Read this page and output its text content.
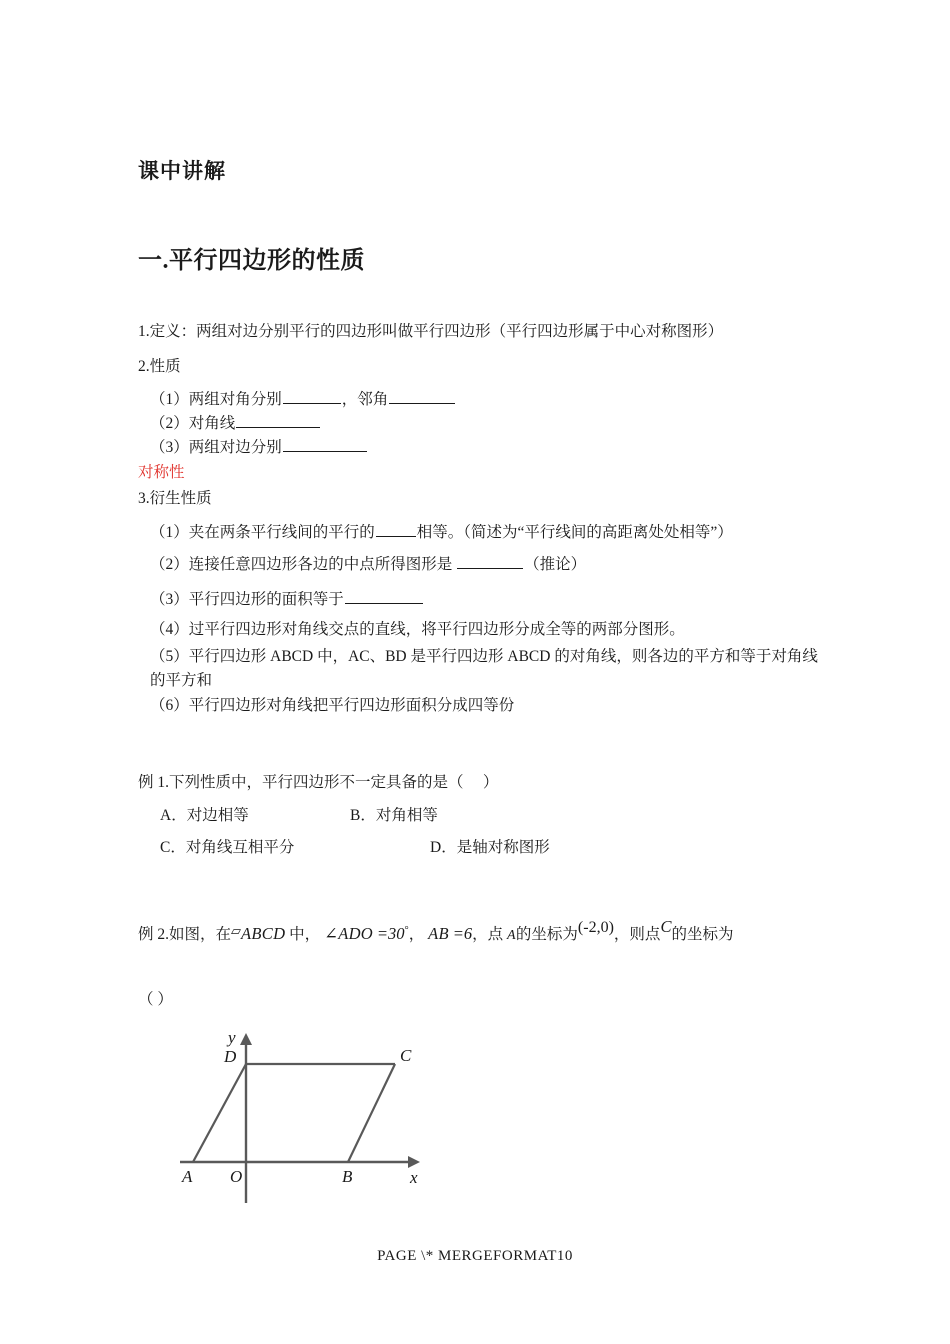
课中讲解
一.平行四边形的性质
1.定义：两组对边分别平行的四边形叫做平行四边形（平行四边形属于中心对称图形）
2.性质
（1）两组对角分别	，邻角
（2）对角线
（3）两组对边分别
对称性
3.衍生性质
（1）夹在两条平行线间的平行的	相等。（简述为“平行线间的高距离处处相等”）
（2）连接任意四边形各边的中点所得图形是	（推论）
（3）平行四边形的面积等于
（4）过平行四边形对角线交点的直线，将平行四边形分成全等的两部分图形。
（5）平行四边形 ABCD 中，AC、BD 是平行四边形 ABCD 的对角线，则各边的平方和等于对角线的平方和
（6）平行四边形对角线把平行四边形面积分成四等份
例 1.下列性质中，平行四边形不一定具备的是（ ）
A．对边相等	B．对角相等
C．对角线互相平分	D．是轴对称图形
例 2.如图，在▱ABCD 中， ∠ADO =30°， AB =6，点 A的坐标为(‑2,0)，则点C的坐标为
（ ）
A	B
C
D
O	x
y
PAGE \* MERGEFORMAT10
